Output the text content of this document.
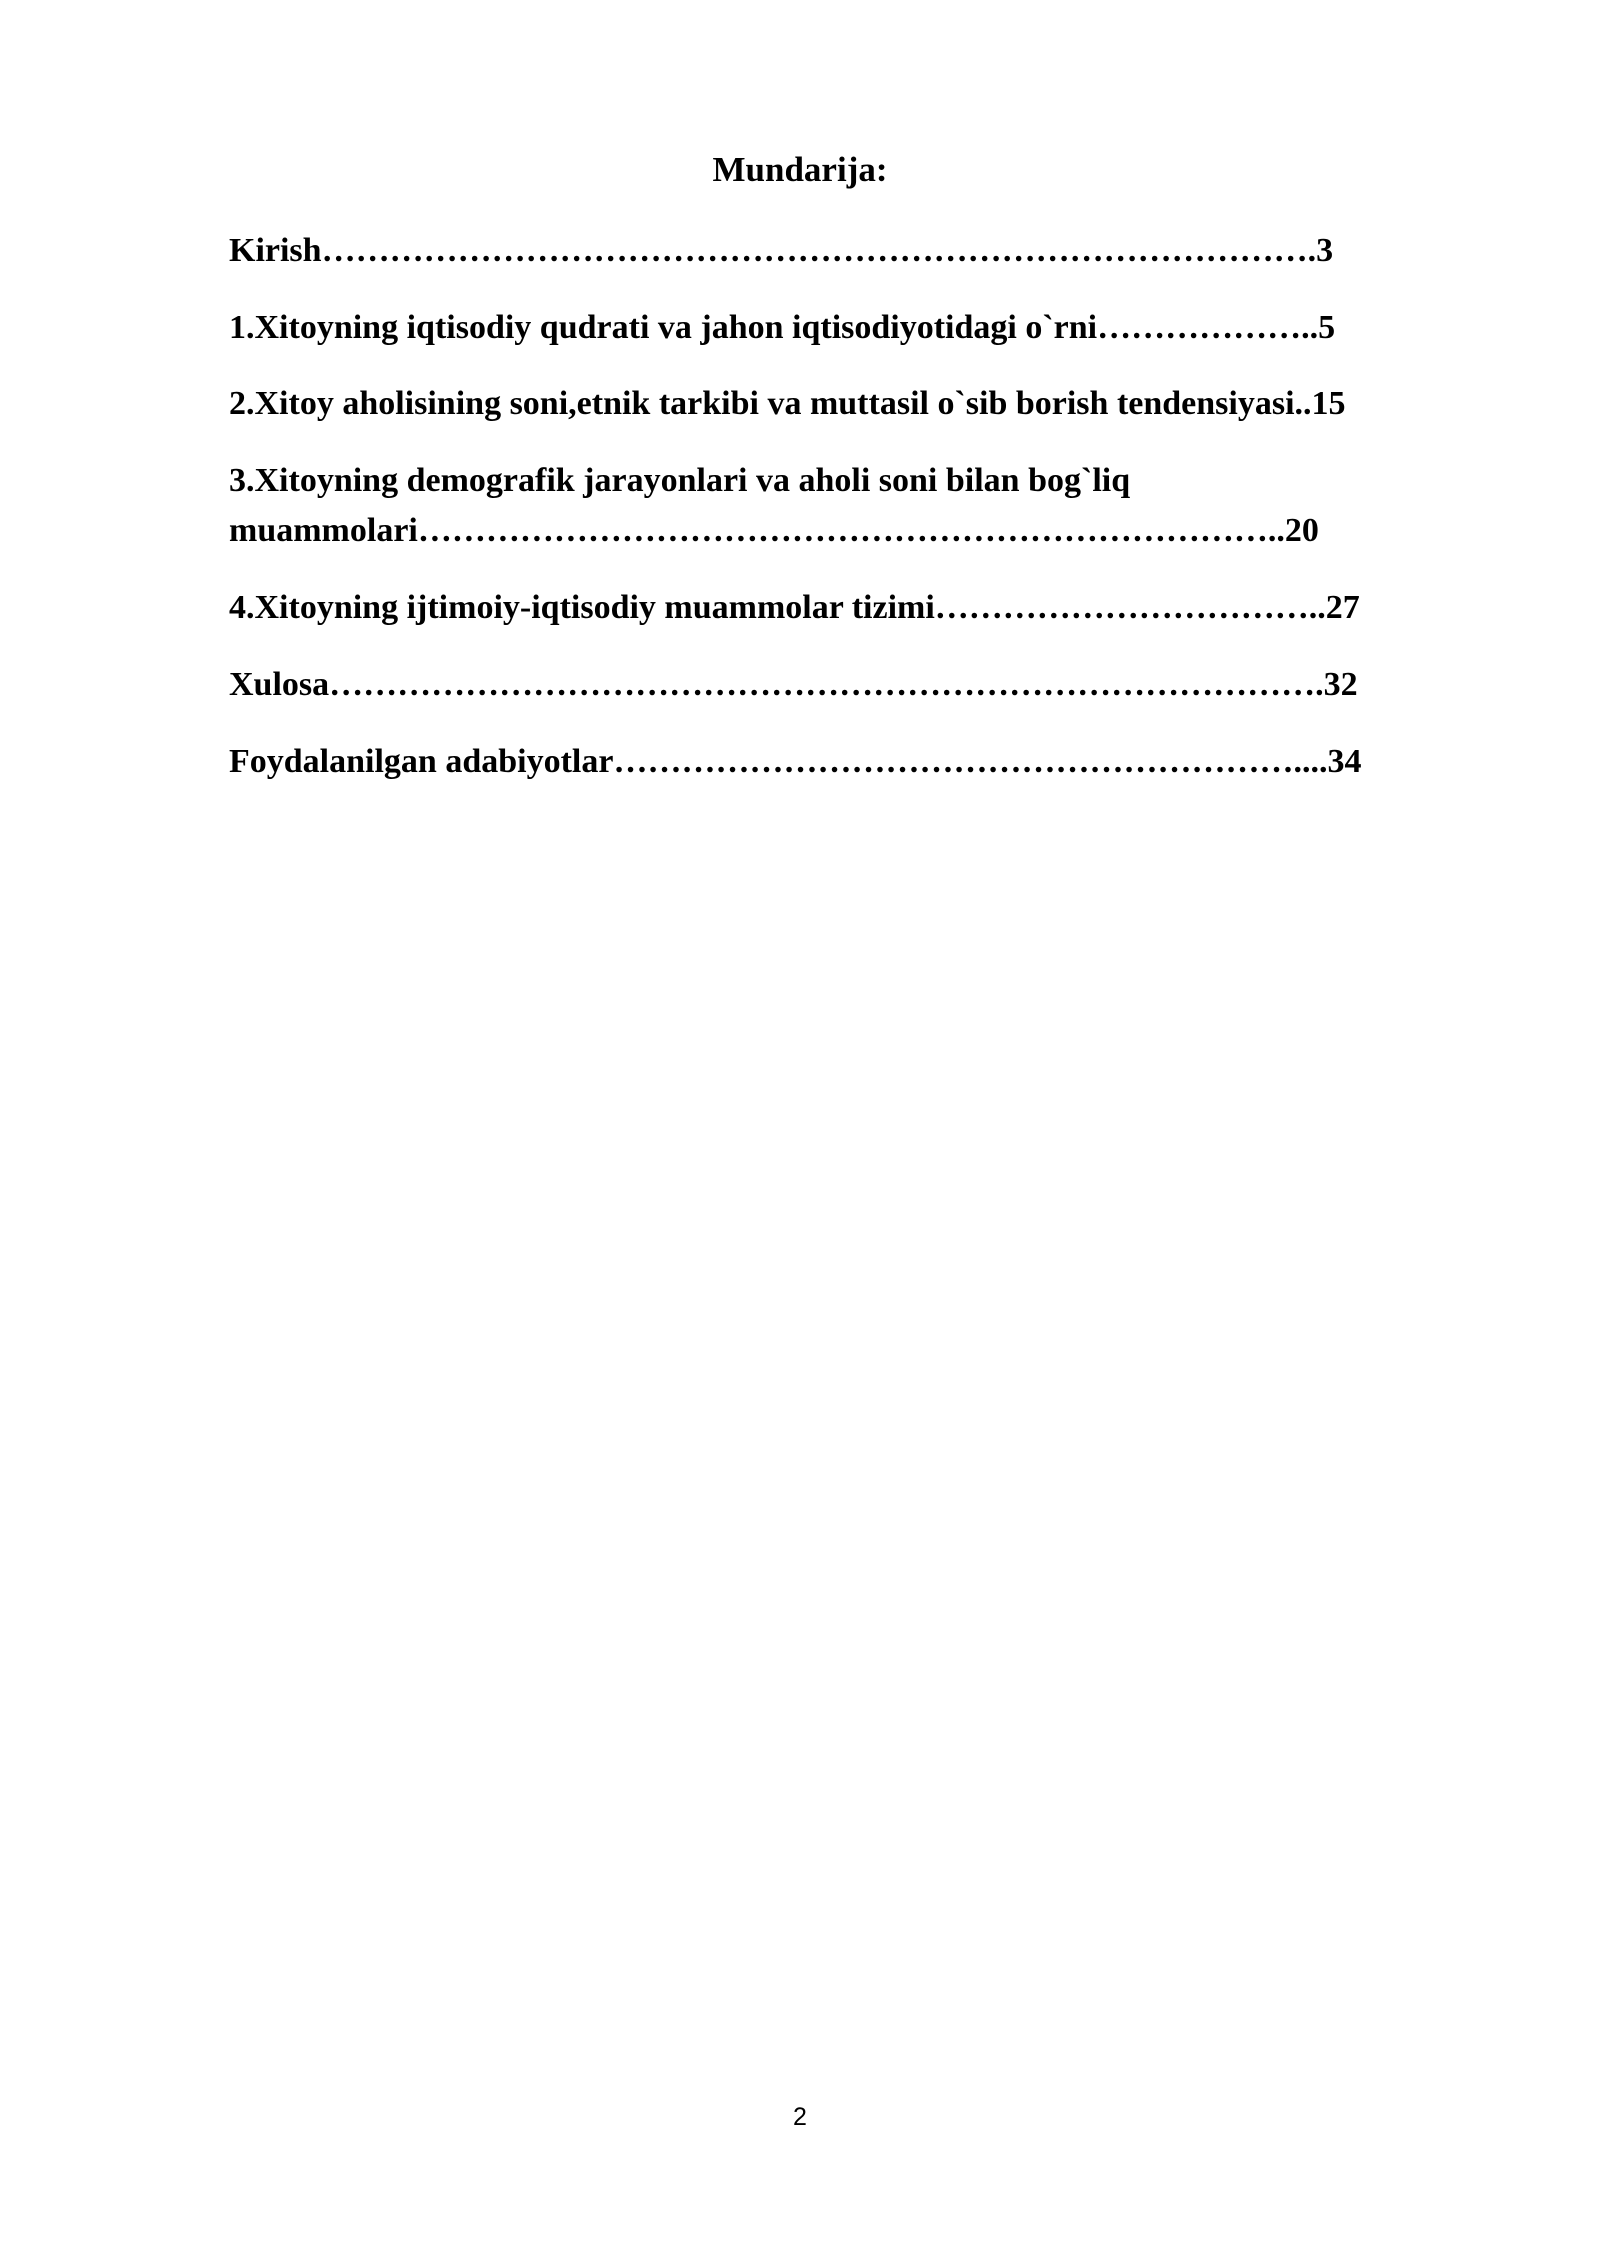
Mundarija:

Kirish…………………………………………………………………………….3

1.Xitoyning iqtisodiy qudrati va jahon iqtisodiyotidagi o`rni………………..5

2.Xitoy aholisining soni,etnik tarkibi va muttasil o`sib borish tendensiyasi..15

3.Xitoyning demografik jarayonlari va aholi soni bilan bog`liq

muammolari…………………………………………………………………..20

4.Xitoyning ijtimoiy-iqtisodiy muammolar tizimi……………………………..27

Xulosa…………………………………………………………………………….32

Foydalanilgan adabiyotlar……………………………………………………....34

2
